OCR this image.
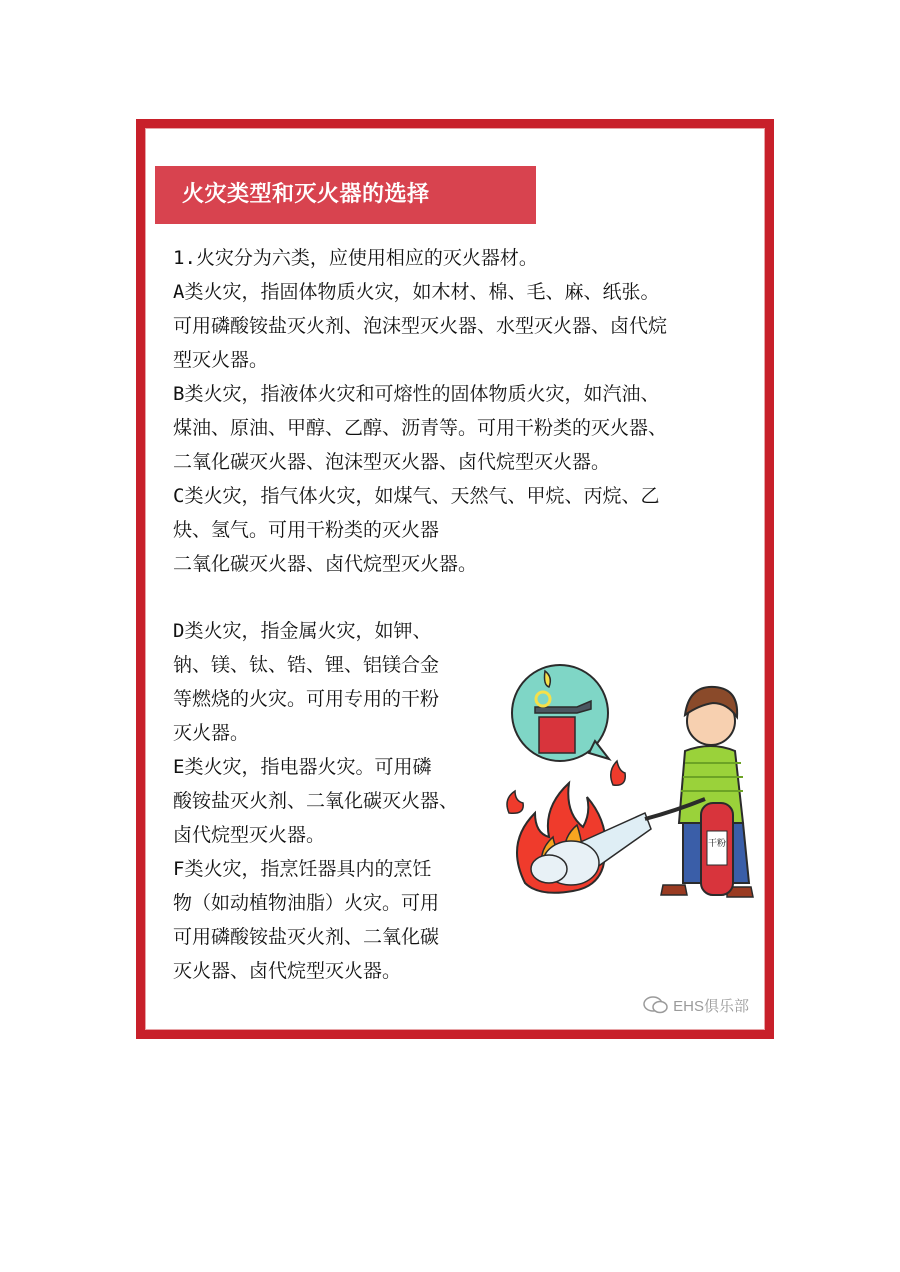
火灾类型和灭火器的选择
1.火灾分为六类，应使用相应的灭火器材。
A类火灾，指固体物质火灾，如木材、棉、毛、麻、纸张。
可用磷酸铵盐灭火剂、泡沫型灭火器、水型灭火器、卤代烷
型灭火器。
B类火灾，指液体火灾和可熔性的固体物质火灾，如汽油、
煤油、原油、甲醇、乙醇、沥青等。可用干粉类的灭火器、
二氧化碳灭火器、泡沫型灭火器、卤代烷型灭火器。
C类火灾，指气体火灾，如煤气、天然气、甲烷、丙烷、乙
炔、氢气。可用干粉类的灭火器
二氧化碳灭火器、卤代烷型灭火器。
D类火灾，指金属火灾，如钾、
钠、镁、钛、锆、锂、铝镁合金
等燃烧的火灾。可用专用的干粉
灭火器。
E类火灾，指电器火灾。可用磷
酸铵盐灭火剂、二氧化碳灭火器、
卤代烷型灭火器。
F类火灾，指烹饪器具内的烹饪
物（如动植物油脂）火灾。可用
可用磷酸铵盐灭火剂、二氧化碳
灭火器、卤代烷型灭火器。
干粉
EHS俱乐部
